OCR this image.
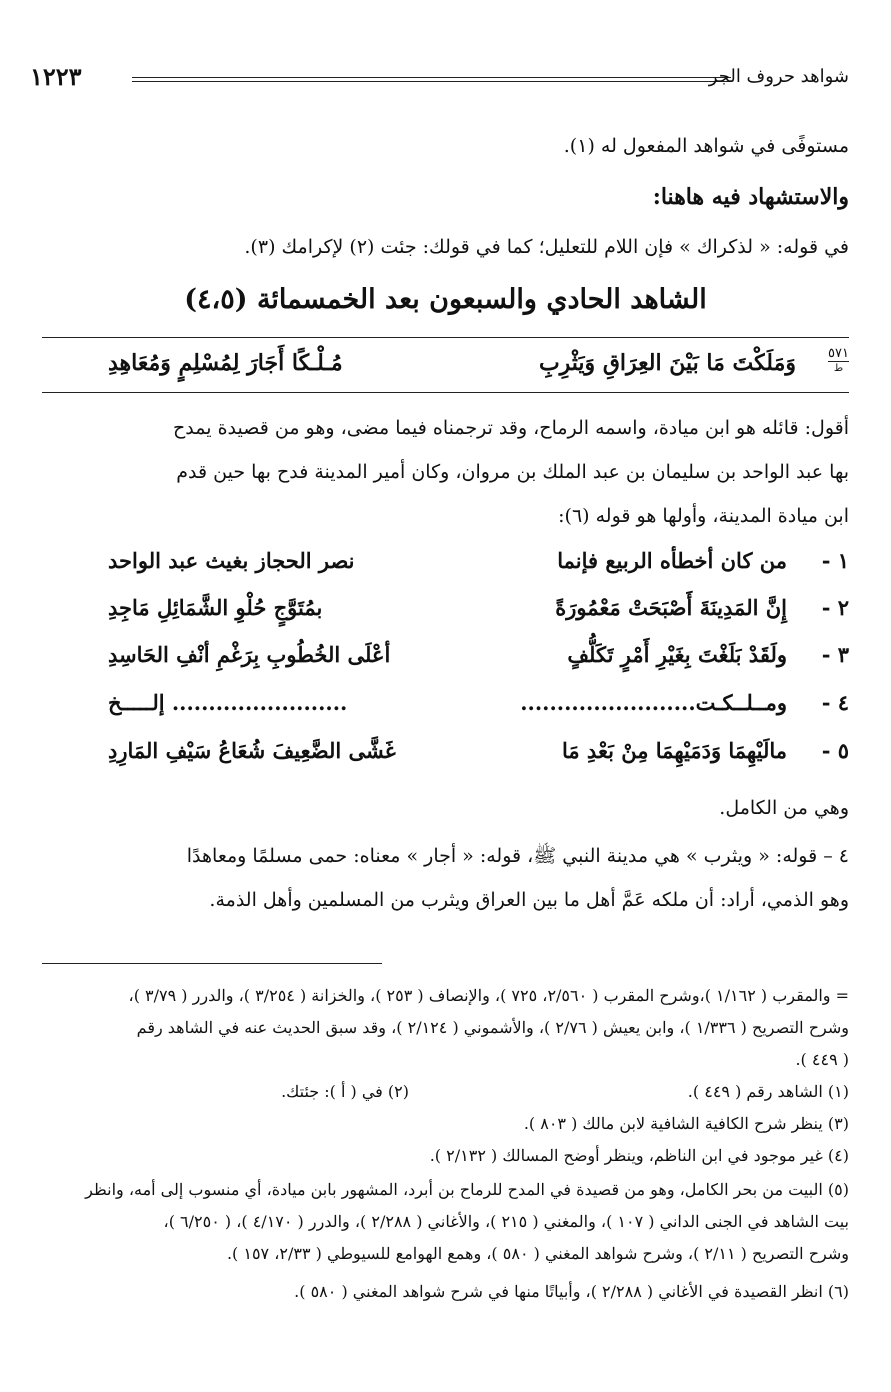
١٢٢٣	شواهد حروف الجر
مستوفًى في شواهد المفعول له (١).
والاستشهاد فيه هاهنا:
في قوله: « لذكراك » فإن اللام للتعليل؛ كما في قولك: جئت (٢) لإكرامك (٣).
الشاهد الحادي والسبعون بعد الخمسمائة (٤،٥)
٥٧١
ط
وَمَلَكْتَ مَا بَيْنَ العِرَاقِ وَيَثْرِبِ
مُـلْـكًا أَجَارَ لِمُسْلِمٍ وَمُعَاهِدِ
أقول: قائله هو ابن ميادة، واسمه الرماح، وقد ترجمناه فيما مضى، وهو من قصيدة يمدح
بها عبد الواحد بن سليمان بن عبد الملك بن مروان، وكان أمير المدينة فدح بها حين قدم
ابن ميادة المدينة، وأولها هو قوله (٦):
١ -
من كان أخطأه الربيع فإنما
نصر الحجاز بغيث عبد الواحد
٢ -
إِنَّ المَدِينَةَ أَصْبَحَتْ مَعْمُورَةً
بمُتَوَّجٍ حُلْوِ الشَّمَائِلِ مَاجِدِ
٣ -
ولَقَدْ بَلَغْتَ بِغَيْرِ أَمْرٍ تَكَلُّفٍ
أعْلَى الخُطُوبِ بِرَغْمِ أنْفِ الحَاسِدِ
٤ -
ومــلــكـت........................
........................ إلـــــخ
٥ -
مالَيْهِمَا وَدَمَيْهِمَا مِنْ بَعْدِ مَا
غَشَّى الضَّعِيفَ شُعَاعُ سَيْفِ المَارِدِ
وهي من الكامل.
٤ – قوله: « ويثرب » هي مدينة النبي ﷺ، قوله: « أجار » معناه: حمى مسلمًا ومعاهدًا
وهو الذمي، أراد: أن ملكه عَمَّ أهل ما بين العراق ويثرب من المسلمين وأهل الذمة.
= والمقرب ( ١/١٦٢ )،وشرح المقرب ( ٢/٥٦٠، ٧٢٥ )، والإنصاف ( ٢٥٣ )، والخزانة ( ٣/٢٥٤ )، والدرر ( ٣/٧٩ )،
وشرح التصريح ( ١/٣٣٦ )، وابن يعيش ( ٢/٧٦ )، والأشموني ( ٢/١٢٤ )، وقد سبق الحديث عنه في الشاهد رقم
( ٤٤٩ ).
(١) الشاهد رقم ( ٤٤٩ ).
(٢) في ( أ ): جئتك.
(٣) ينظر شرح الكافية الشافية لابن مالك ( ٨٠٣ ).
(٤) غير موجود في ابن الناظم، وينظر أوضح المسالك ( ٢/١٣٢ ).
(٥) البيت من بحر الكامل، وهو من قصيدة في المدح للرماح بن أبرد، المشهور بابن ميادة، أي منسوب إلى أمه، وانظر
بيت الشاهد في الجنى الداني ( ١٠٧ )، والمغني ( ٢١٥ )، والأغاني ( ٢/٢٨٨ )، والدرر ( ٤/١٧٠ )، ( ٦/٢٥٠ )،
وشرح التصريح ( ٢/١١ )، وشرح شواهد المغني ( ٥٨٠ )، وهمع الهوامع للسيوطي ( ٢/٣٣، ١٥٧ ).
(٦) انظر القصيدة في الأغاني ( ٢/٢٨٨ )، وأبياتًا منها في شرح شواهد المغني ( ٥٨٠ ).
